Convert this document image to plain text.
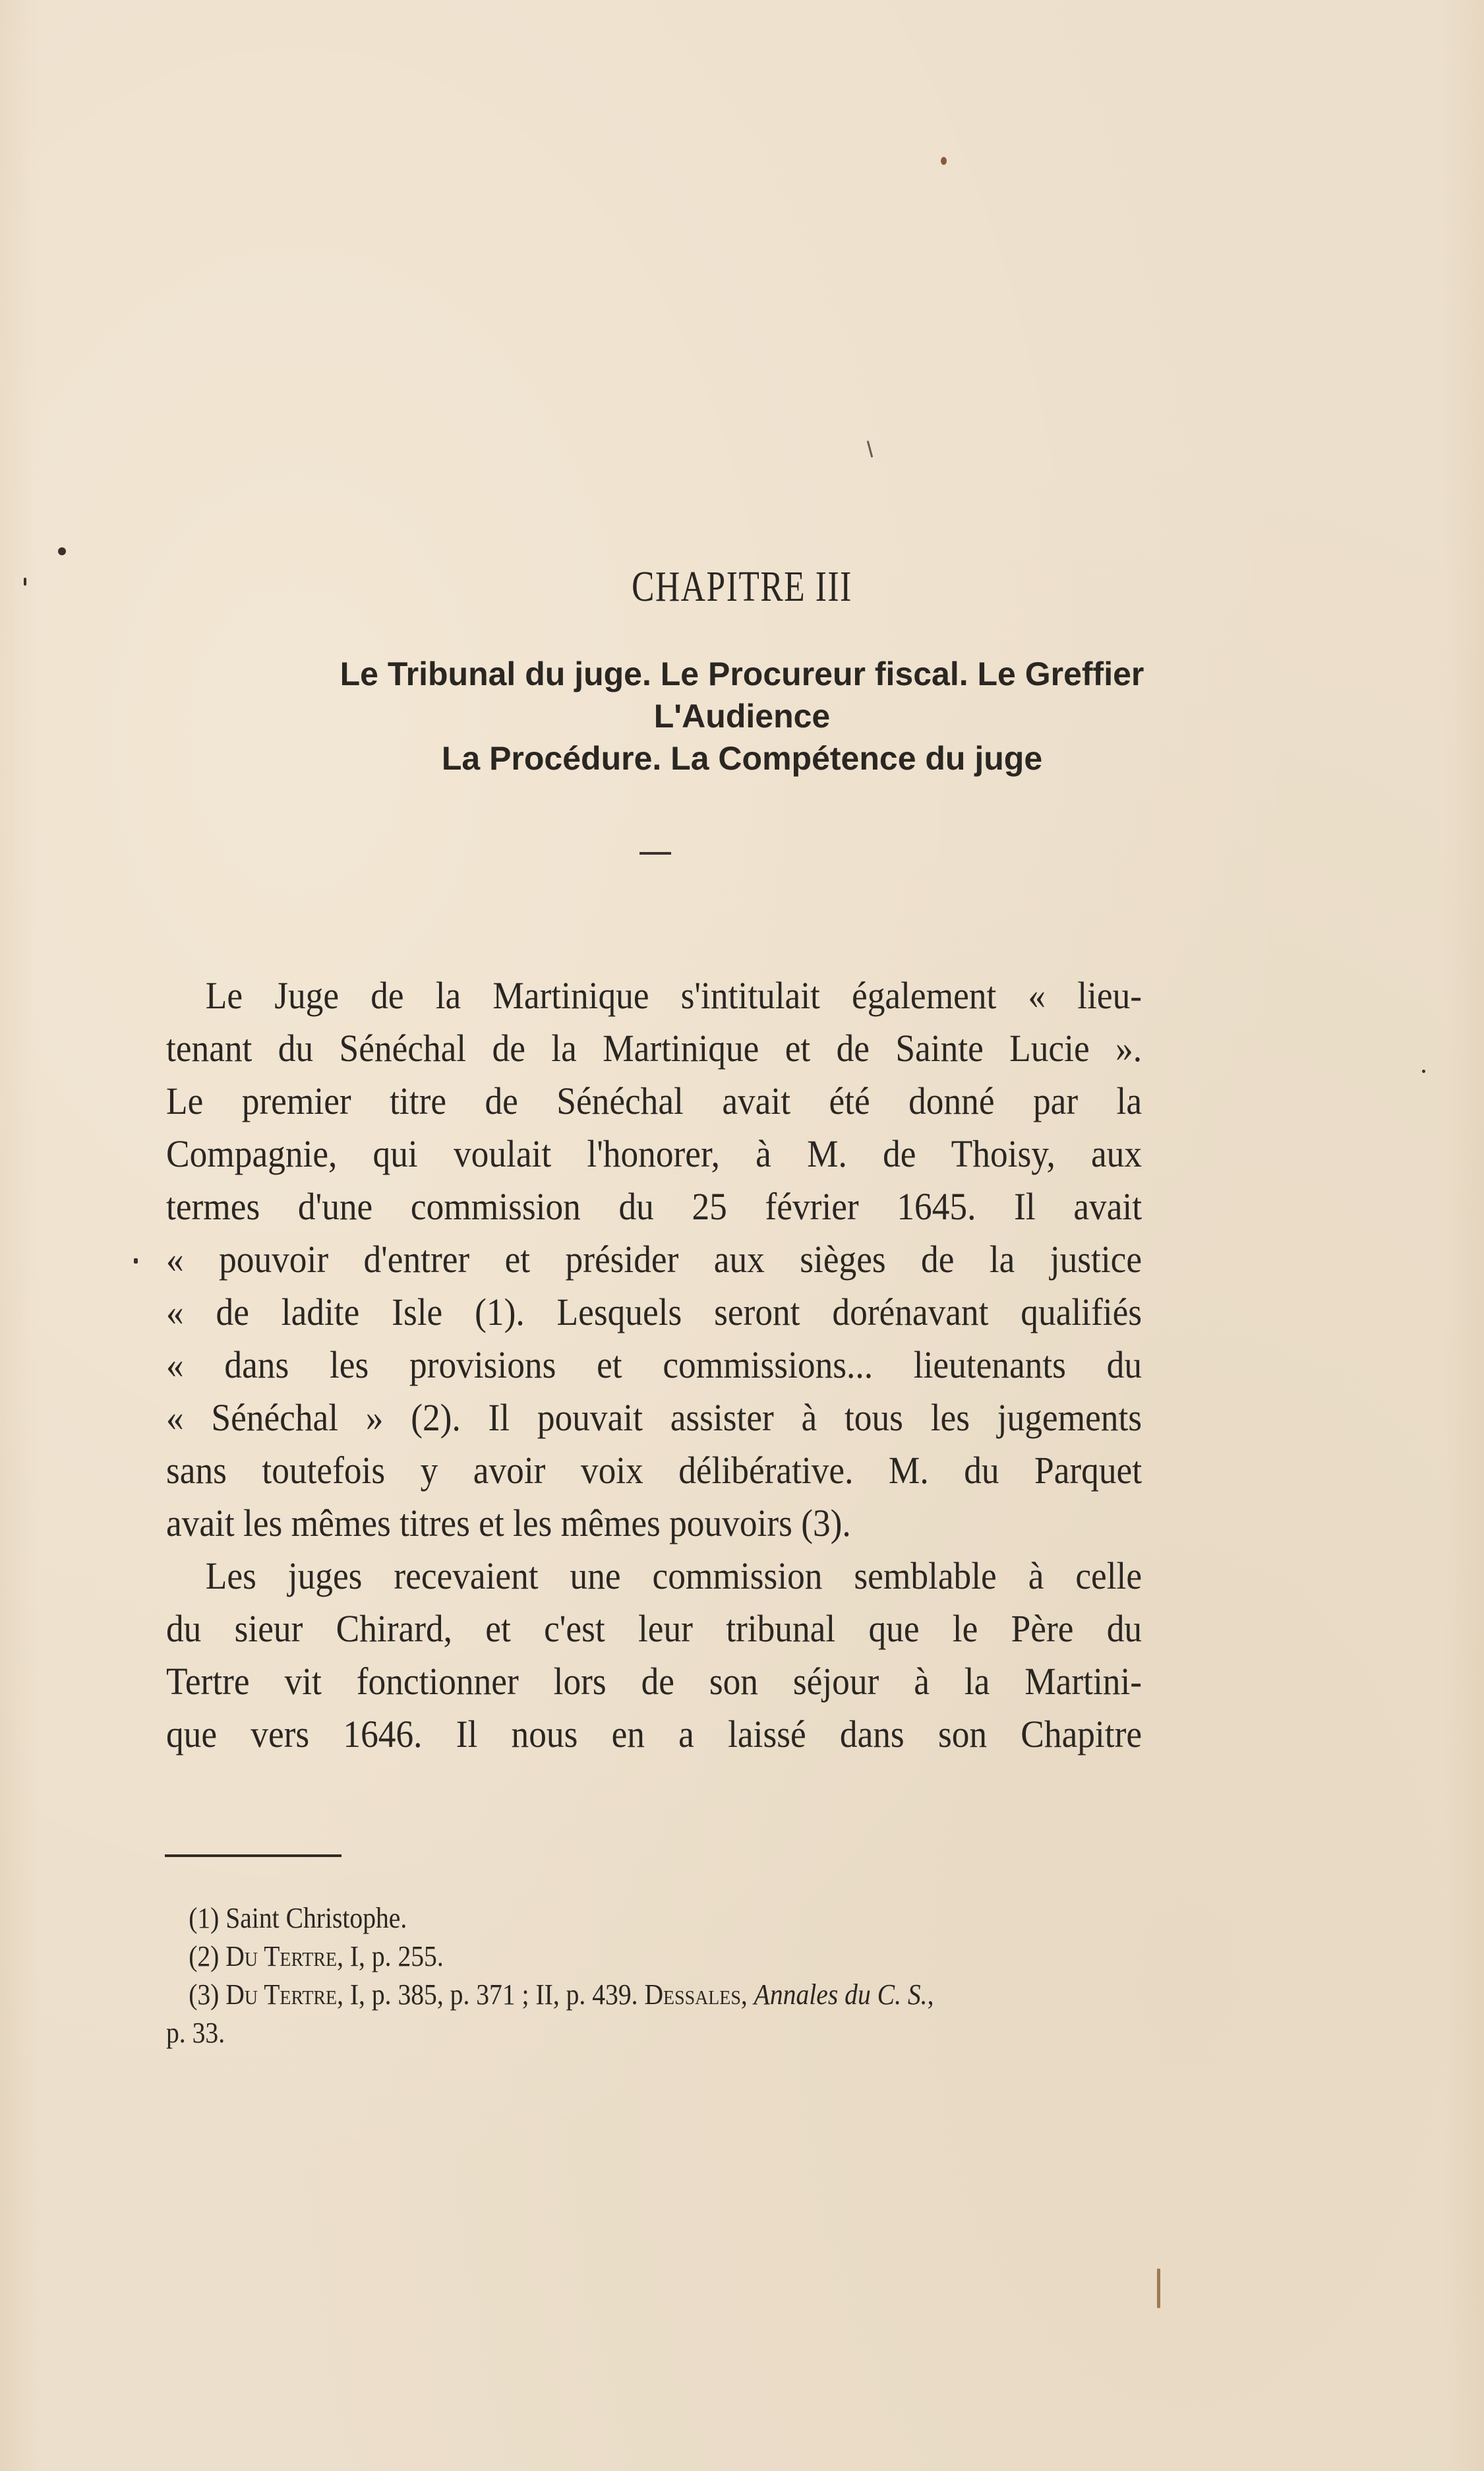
CHAPITRE III
Le Tribunal du juge. Le Procureur fiscal. Le Greffier
L'Audience
La Procédure. La Compétence du juge
Le Juge de la Martinique s'intitulait également « lieu-
tenant du Sénéchal de la Martinique et de Sainte Lucie ».
Le premier titre de Sénéchal avait été donné par la
Compagnie, qui voulait l'honorer, à M. de Thoisy, aux
termes d'une commission du 25 février 1645. Il avait
« pouvoir d'entrer et présider aux sièges de la justice
« de ladite Isle (1). Lesquels seront dorénavant qualifiés
« dans les provisions et commissions... lieutenants du
« Sénéchal » (2). Il pouvait assister à tous les jugements
sans toutefois y avoir voix délibérative. M. du Parquet
avait les mêmes titres et les mêmes pouvoirs (3).
Les juges recevaient une commission semblable à celle
du sieur Chirard, et c'est leur tribunal que le Père du
Tertre vit fonctionner lors de son séjour à la Martini-
que vers 1646. Il nous en a laissé dans son Chapitre
(1) Saint Christophe.
(2) Du Tertre, I, p. 255.
(3) Du Tertre, I, p. 385, p. 371 ; II, p. 439. Dessales, Annales du C. S.,
p. 33.
